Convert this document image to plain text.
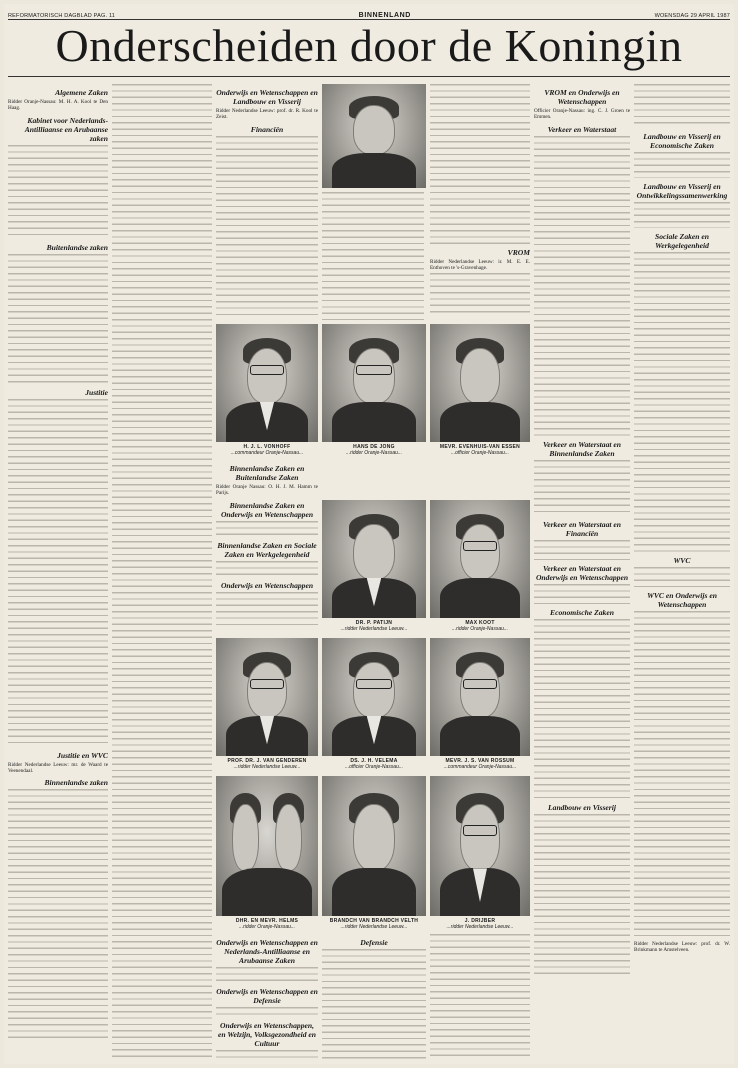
REFORMATORISCH DAGBLAD PAG. 11	BINNENLAND	WOENSDAG 29 APRIL 1987
Onderscheiden door de Koningin
Algemene Zaken

Ridder Oranje-Nassau: M. H. A. Kool te Den Haag.

Kabinet voor Nederlands-Antilliaanse en Arubaanse zaken
Buitenlandse zaken
Justitie
Justitie en WVC

Ridder Nederlandse Leeuw: mr. de Waard te Veenendaal.

Binnenlandse zaken
Onderwijs en Wetenschappen en Landbouw en Visserij

Ridder Nederlandse Leeuw: prof. dr. R. Kool te Zeist.

Financiën
VROM

Ridder Nederlandse Leeuw: ir. M. E. E. Enthoven te 's-Gravenhage.

VROM en Onderwijs en Wetenschappen

Officier Oranje-Nassau: ing. C. J. Groen te Emmen.

Verkeer en Waterstaat
Verkeer en Waterstaat en Binnenlandse Zaken
Verkeer en Waterstaat en Financiën
Verkeer en Waterstaat en Onderwijs en Wetenschappen
Economische Zaken
Landbouw en Visserij
Landbouw en Visserij en Economische Zaken
Landbouw en Visserij en Ontwikkelingssamenwerking
Sociale Zaken en Werkgelegenheid
WVC
WVC en Onderwijs en Wetenschappen

Ridder Nederlandse Leeuw: prof. dr. W. Brinkmann te Amstelveen.

H. J. L. VONHOFF
...commandeur Oranje-Nassau...
HANS DE JONG
...ridder Oranje-Nassau...
MEVR. EVENHUIS-VAN ESSEN
...officier Oranje-Nassau...
Binnenlandse Zaken en Buitenlandse Zaken

Ridder Oranje Nassau: O. H. J. M. Hamm te Parijs.

Binnenlandse Zaken en Onderwijs en Wetenschappen
Binnenlandse Zaken en Sociale Zaken en Werkgelegenheid
Onderwijs en Wetenschappen
DR. P. PATIJN
...ridder Nederlandse Leeuw...
MAX KOOT
...ridder Oranje-Nassau...
PROF. DR. J. VAN GENDEREN
...ridder Nederlandse Leeuw...
DS. J. H. VELEMA
...officier Oranje-Nassau...
MEVR. J. S. VAN ROSSUM
...commandeur Oranje-Nassau...
DHR. EN MEVR. HELMS
...ridder Oranje-Nassau...
BRANDCH VAN BRANDCH VELTH
...ridder Nederlandse Leeuw...
J. DRIJBER
...ridder Nederlandse Leeuw...
Onderwijs en Wetenschappen en Nederlands-Antilliaanse en Arubaanse Zaken
Onderwijs en Wetenschappen en Defensie
Onderwijs en Wetenschappen, en Welzijn, Volksgezondheid en Cultuur
Defensie
